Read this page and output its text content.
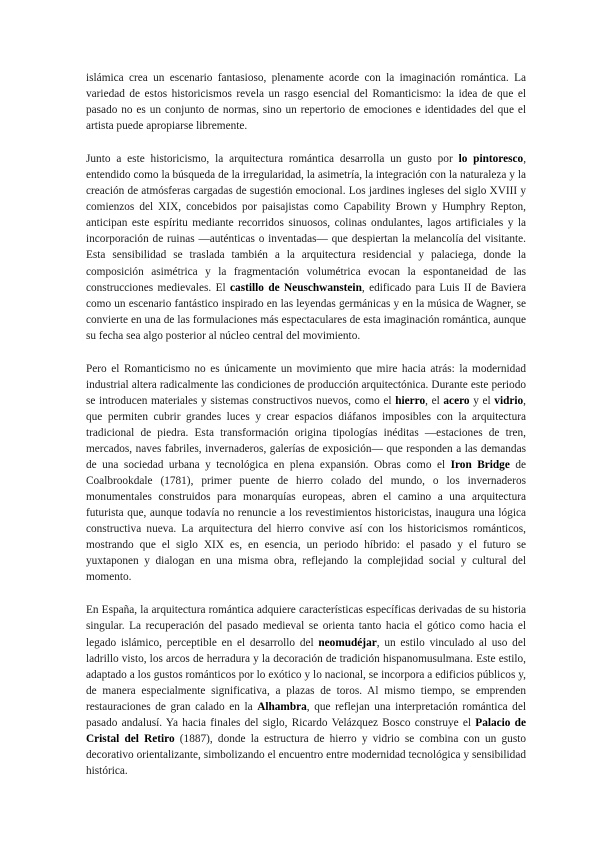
islámica crea un escenario fantasioso, plenamente acorde con la imaginación romántica. La variedad de estos historicismos revela un rasgo esencial del Romanticismo: la idea de que el pasado no es un conjunto de normas, sino un repertorio de emociones e identidades del que el artista puede apropiarse libremente.

Junto a este historicismo, la arquitectura romántica desarrolla un gusto por lo pintoresco, entendido como la búsqueda de la irregularidad, la asimetría, la integración con la naturaleza y la creación de atmósferas cargadas de sugestión emocional. Los jardines ingleses del siglo XVIII y comienzos del XIX, concebidos por paisajistas como Capability Brown y Humphry Repton, anticipan este espíritu mediante recorridos sinuosos, colinas ondulantes, lagos artificiales y la incorporación de ruinas —auténticas o inventadas— que despiertan la melancolía del visitante. Esta sensibilidad se traslada también a la arquitectura residencial y palaciega, donde la composición asimétrica y la fragmentación volumétrica evocan la espontaneidad de las construcciones medievales. El castillo de Neuschwanstein, edificado para Luis II de Baviera como un escenario fantástico inspirado en las leyendas germánicas y en la música de Wagner, se convierte en una de las formulaciones más espectaculares de esta imaginación romántica, aunque su fecha sea algo posterior al núcleo central del movimiento.

Pero el Romanticismo no es únicamente un movimiento que mire hacia atrás: la modernidad industrial altera radicalmente las condiciones de producción arquitectónica. Durante este periodo se introducen materiales y sistemas constructivos nuevos, como el hierro, el acero y el vidrio, que permiten cubrir grandes luces y crear espacios diáfanos imposibles con la arquitectura tradicional de piedra. Esta transformación origina tipologías inéditas —estaciones de tren, mercados, naves fabriles, invernaderos, galerías de exposición— que responden a las demandas de una sociedad urbana y tecnológica en plena expansión. Obras como el Iron Bridge de Coalbrookdale (1781), primer puente de hierro colado del mundo, o los invernaderos monumentales construidos para monarquías europeas, abren el camino a una arquitectura futurista que, aunque todavía no renuncie a los revestimientos historicistas, inaugura una lógica constructiva nueva. La arquitectura del hierro convive así con los historicismos románticos, mostrando que el siglo XIX es, en esencia, un periodo híbrido: el pasado y el futuro se yuxtaponen y dialogan en una misma obra, reflejando la complejidad social y cultural del momento.

En España, la arquitectura romántica adquiere características específicas derivadas de su historia singular. La recuperación del pasado medieval se orienta tanto hacia el gótico como hacia el legado islámico, perceptible en el desarrollo del neomudéjar, un estilo vinculado al uso del ladrillo visto, los arcos de herradura y la decoración de tradición hispanomusulmana. Este estilo, adaptado a los gustos románticos por lo exótico y lo nacional, se incorpora a edificios públicos y, de manera especialmente significativa, a plazas de toros. Al mismo tiempo, se emprenden restauraciones de gran calado en la Alhambra, que reflejan una interpretación romántica del pasado andalusí. Ya hacia finales del siglo, Ricardo Velázquez Bosco construye el Palacio de Cristal del Retiro (1887), donde la estructura de hierro y vidrio se combina con un gusto decorativo orientalizante, simbolizando el encuentro entre modernidad tecnológica y sensibilidad histórica.
